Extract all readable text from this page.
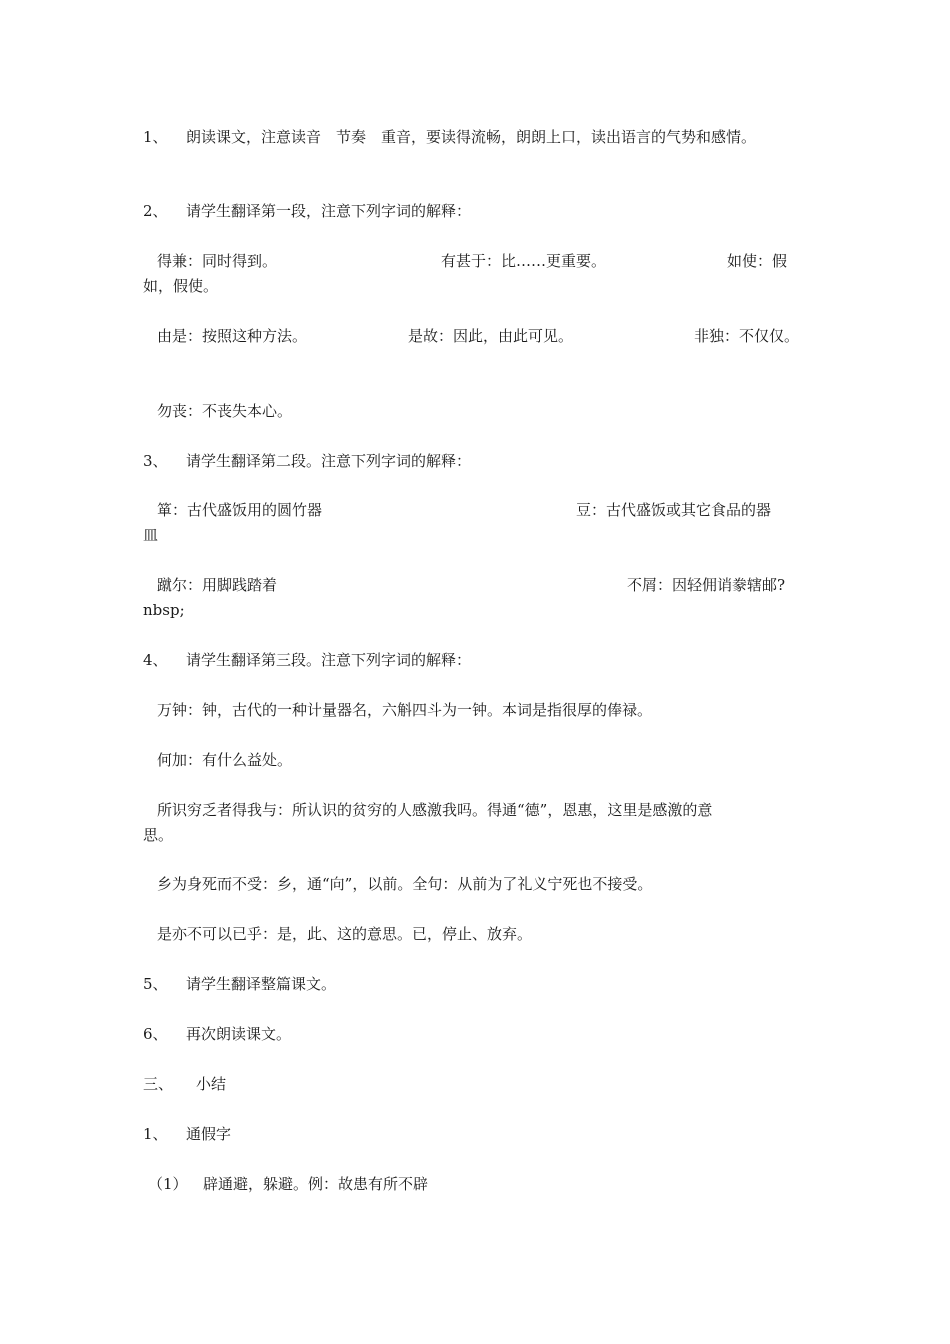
1、 朗读课文，注意读音　节奏　重音，要读得流畅，朗朗上口，读出语言的气势和感情。
2、 请学生翻译第一段，注意下列字词的解释：
得兼：同时得到。	有甚于：比……更重要。	如使：假
如，假使。
由是：按照这种方法。	是故：因此，由此可见。	非独：不仅仅。
勿丧：不丧失本心。
3、 请学生翻译第二段。注意下列字词的解释：
箪：古代盛饭用的圆竹器	豆：古代盛饭或其它食品的器
皿
蹴尔：用脚践踏着	不屑：因轻佣诮豢辖邮?
nbsp;
4、 请学生翻译第三段。注意下列字词的解释：
万钟：钟，古代的一种计量器名，六斛四斗为一钟。本词是指很厚的俸禄。
何加：有什么益处。
所识穷乏者得我与：所认识的贫穷的人感激我吗。得通“德”，恩惠，这里是感激的意
思。
乡为身死而不受：乡，通“向”，以前。全句：从前为了礼义宁死也不接受。
是亦不可以已乎：是，此、这的意思。已，停止、放弃。
5、 请学生翻译整篇课文。
6、 再次朗读课文。
三、 小结
1、 通假字
（1） 辟通避，躲避。例：故患有所不辟
